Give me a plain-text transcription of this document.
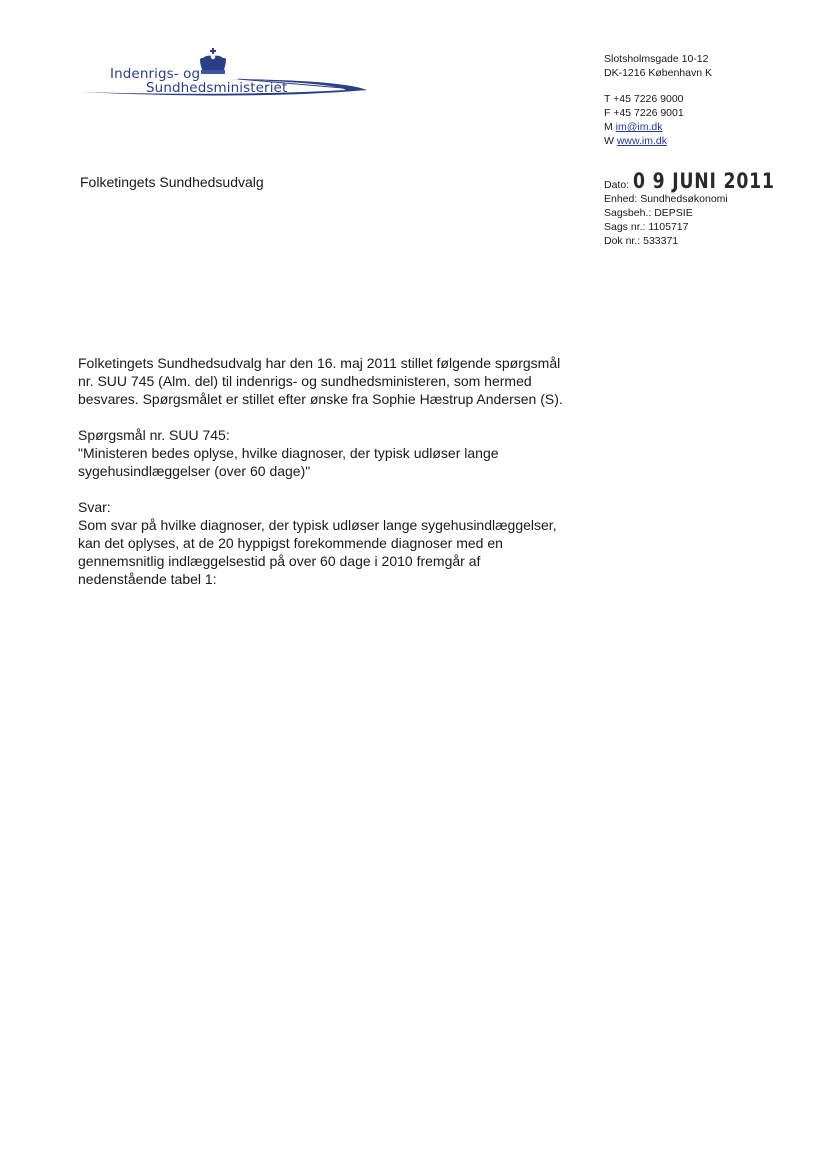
Indenrigs- og
Sundhedsministeriet
Slotsholmsgade 10-12
DK-1216 København K
T +45 7226 9000
F +45 7226 9001
M im@im.dk
W www.im.dk
Folketingets Sundhedsudvalg	Dato: 0 9 JUNI 2011
Enhed: Sundhedsøkonomi
Sagsbeh.: DEPSIE
Sags nr.: 1105717
Dok nr.: 533371

Folketingets Sundhedsudvalg har den 16. maj 2011 stillet følgende spørgsmål
nr. SUU 745 (Alm. del) til indenrigs- og sundhedsministeren, som hermed
besvares. Spørgsmålet er stillet efter ønske fra Sophie Hæstrup Andersen (S).

Spørgsmål nr. SUU 745:
"Ministeren bedes oplyse, hvilke diagnoser, der typisk udløser lange
sygehusindlæggelser (over 60 dage)"

Svar:
Som svar på hvilke diagnoser, der typisk udløser lange sygehusindlæggelser,
kan det oplyses, at de 20 hyppigst forekommende diagnoser med en
gennemsnitlig indlæggelsestid på over 60 dage i 2010 fremgår af
nedenstående tabel 1:
